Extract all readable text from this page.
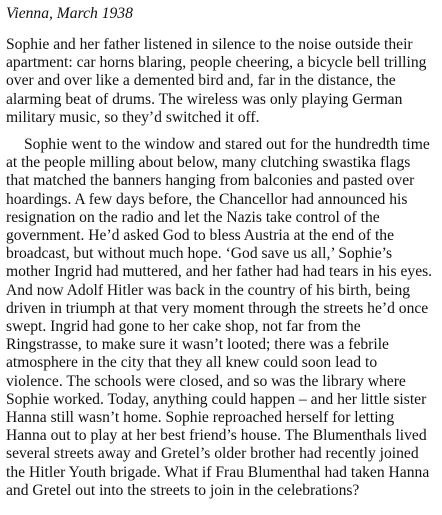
Vienna, March 1938

Sophie and her father listened in silence to the noise outside their apartment: car horns blaring, people cheering, a bicycle bell trilling over and over like a demented bird and, far in the distance, the alarming beat of drums. The wireless was only playing German military music, so they’d switched it off.

Sophie went to the window and stared out for the hundredth time at the people milling about below, many clutching swastika flags that matched the banners hanging from balconies and pasted over hoardings. A few days before, the Chancellor had announced his resignation on the radio and let the Nazis take control of the government. He’d asked God to bless Austria at the end of the broadcast, but without much hope. ‘God save us all,’ Sophie’s mother Ingrid had muttered, and her father had had tears in his eyes. And now Adolf Hitler was back in the country of his birth, being driven in triumph at that very moment through the streets he’d once swept. Ingrid had gone to her cake shop, not far from the Ringstrasse, to make sure it wasn’t looted; there was a febrile atmosphere in the city that they all knew could soon lead to violence. The schools were closed, and so was the library where Sophie worked. Today, anything could happen – and her little sister Hanna still wasn’t home. Sophie reproached herself for letting Hanna out to play at her best friend’s house. The Blumenthals lived several streets away and Gretel’s older brother had recently joined the Hitler Youth brigade. What if Frau Blumenthal had taken Hanna and Gretel out into the streets to join in the celebrations?
